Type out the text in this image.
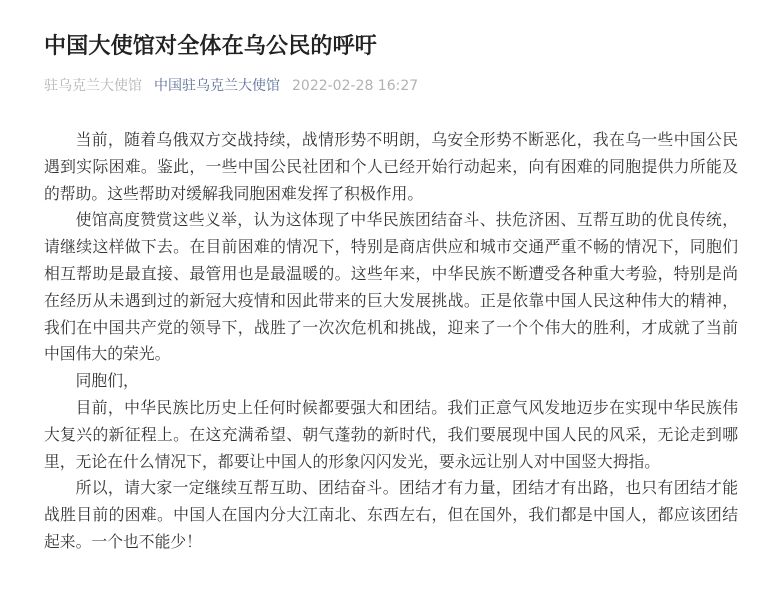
中国大使馆对全体在乌公民的呼吁
驻乌克兰大使馆 中国驻乌克兰大使馆 2022-02-28 16:27

当前，随着乌俄双方交战持续，战情形势不明朗，乌安全形势不断恶化，我在乌一些中国公民遇到实际困难。鉴此，一些中国公民社团和个人已经开始行动起来，向有困难的同胞提供力所能及的帮助。这些帮助对缓解我同胞困难发挥了积极作用。

使馆高度赞赏这些义举，认为这体现了中华民族团结奋斗、扶危济困、互帮互助的优良传统，请继续这样做下去。在目前困难的情况下，特别是商店供应和城市交通严重不畅的情况下，同胞们相互帮助是最直接、最管用也是最温暖的。这些年来，中华民族不断遭受各种重大考验，特别是尚在经历从未遇到过的新冠大疫情和因此带来的巨大发展挑战。正是依靠中国人民这种伟大的精神，我们在中国共产党的领导下，战胜了一次次危机和挑战，迎来了一个个伟大的胜利，才成就了当前中国伟大的荣光。

同胞们，

目前，中华民族比历史上任何时候都要强大和团结。我们正意气风发地迈步在实现中华民族伟大复兴的新征程上。在这充满希望、朝气蓬勃的新时代，我们要展现中国人民的风采，无论走到哪里，无论在什么情况下，都要让中国人的形象闪闪发光，要永远让别人对中国竖大拇指。

所以，请大家一定继续互帮互助、团结奋斗。团结才有力量，团结才有出路，也只有团结才能战胜目前的困难。中国人在国内分大江南北、东西左右，但在国外，我们都是中国人，都应该团结起来。一个也不能少！
